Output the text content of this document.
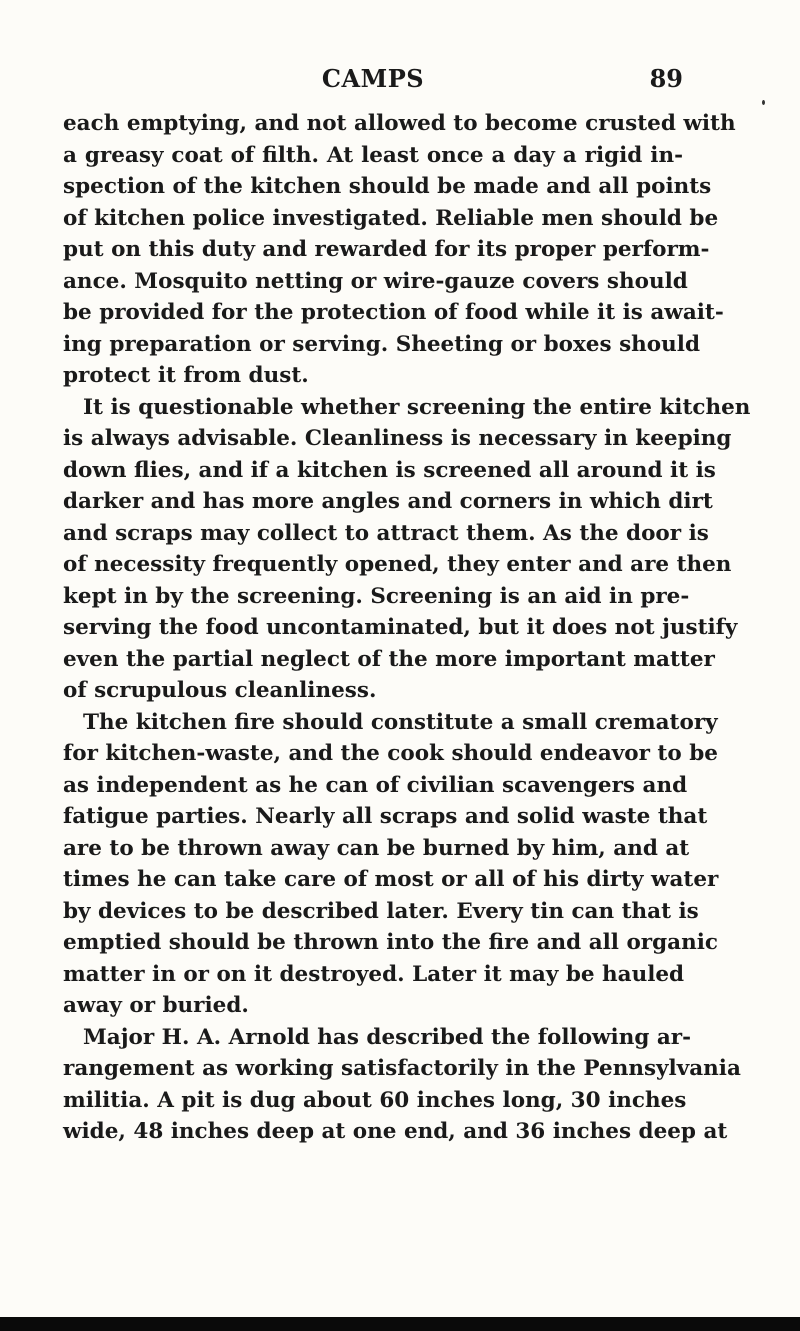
CAMPS	89
each emptying, and not allowed to become crusted with
a greasy coat of filth. At least once a day a rigid in-
spection of the kitchen should be made and all points
of kitchen police investigated. Reliable men should be
put on this duty and rewarded for its proper perform-
ance. Mosquito netting or wire-gauze covers should
be provided for the protection of food while it is await-
ing preparation or serving. Sheeting or boxes should
protect it from dust.
It is questionable whether screening the entire kitchen
is always advisable. Cleanliness is necessary in keeping
down flies, and if a kitchen is screened all around it is
darker and has more angles and corners in which dirt
and scraps may collect to attract them. As the door is
of necessity frequently opened, they enter and are then
kept in by the screening. Screening is an aid in pre-
serving the food uncontaminated, but it does not justify
even the partial neglect of the more important matter
of scrupulous cleanliness.
The kitchen fire should constitute a small crematory
for kitchen-waste, and the cook should endeavor to be
as independent as he can of civilian scavengers and
fatigue parties. Nearly all scraps and solid waste that
are to be thrown away can be burned by him, and at
times he can take care of most or all of his dirty water
by devices to be described later. Every tin can that is
emptied should be thrown into the fire and all organic
matter in or on it destroyed. Later it may be hauled
away or buried.
Major H. A. Arnold has described the following ar-
rangement as working satisfactorily in the Pennsylvania
militia. A pit is dug about 60 inches long, 30 inches
wide, 48 inches deep at one end, and 36 inches deep at
